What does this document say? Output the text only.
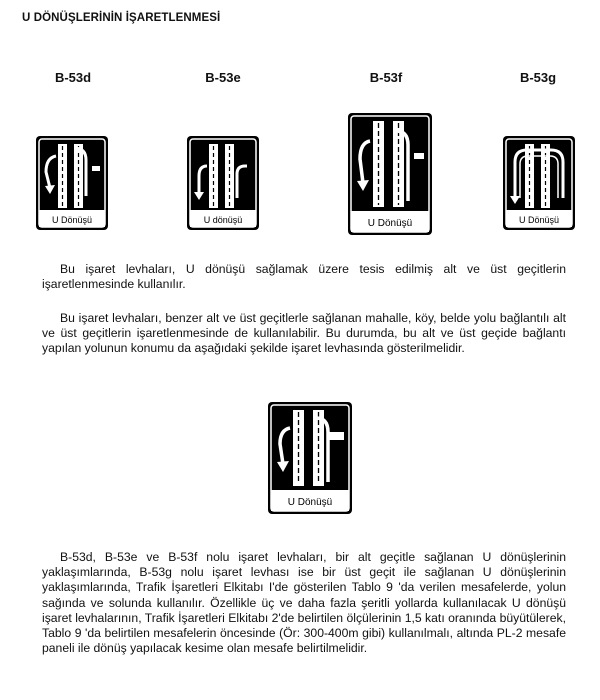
U DÖNÜŞLERİNİN İŞARETLENMESİ
B-53d	B-53e	B-53f	B-53g
U Dönüşü	U dönüşü	U Dönüşü	U Dönüşü

Bu işaret levhaları, U dönüşü sağlamak üzere tesis edilmiş alt ve üst geçitlerin işaretlenmesinde kullanılır.

Bu işaret levhaları, benzer alt ve üst geçitlerle sağlanan mahalle, köy, belde yolu bağlantılı alt ve üst geçitlerin işaretlenmesinde de kullanılabilir. Bu durumda, bu alt ve üst geçide bağlantı yapılan yolunun konumu da aşağıdaki şekilde işaret levhasında gösterilmelidir.

U Dönüşü

B-53d, B-53e ve B-53f nolu işaret levhaları, bir alt geçitle sağlanan U dönüşlerinin yaklaşımlarında, B-53g nolu işaret levhası ise bir üst geçit ile sağlanan U dönüşlerinin yaklaşımlarında, Trafik İşaretleri Elkitabı I'de gösterilen Tablo 9 'da verilen mesafelerde, yolun sağında ve solunda kullanılır. Özellikle üç ve daha fazla şeritli yollarda kullanılacak U dönüşü işaret levhalarının, Trafik İşaretleri Elkitabı 2'de belirtilen ölçülerinin 1,5 katı oranında büyütülerek, Tablo 9 'da belirtilen mesafelerin öncesinde (Ör: 300-400m gibi) kullanılmalı, altında PL-2 mesafe paneli ile dönüş yapılacak kesime olan mesafe belirtilmelidir.
